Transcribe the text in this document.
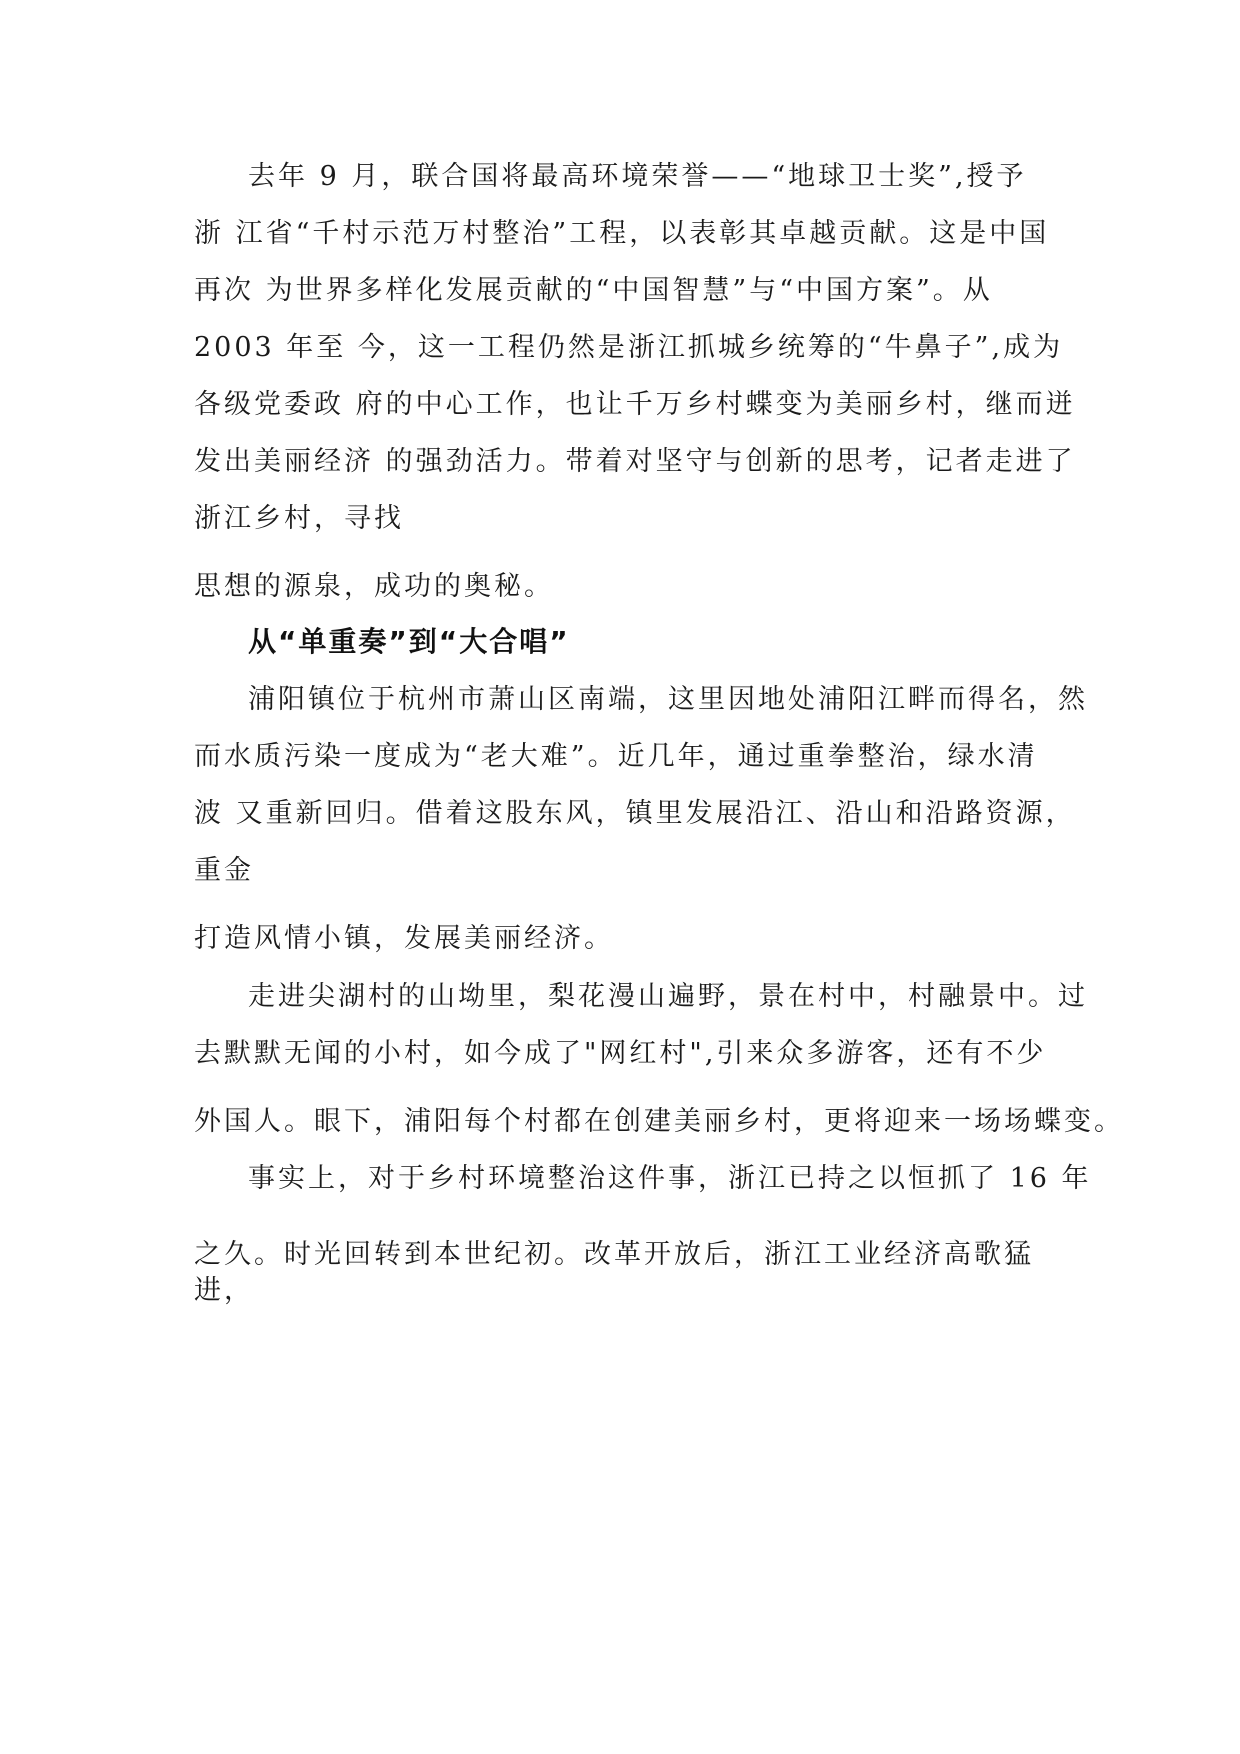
去年 9 月，联合国将最高环境荣誉——“地球卫士奖”,授予

浙 江省“千村示范万村整治”工程，以表彰其卓越贡献。这是中国

再次 为世界多样化发展贡献的“中国智慧”与“中国方案”。从

2003 年至 今，这一工程仍然是浙江抓城乡统筹的“牛鼻子”,成为

各级党委政 府的中心工作，也让千万乡村蝶变为美丽乡村，继而迸

发出美丽经济 的强劲活力。带着对坚守与创新的思考，记者走进了

浙江乡村，寻找

思想的源泉，成功的奥秘。

从“单重奏”到“大合唱”

浦阳镇位于杭州市萧山区南端，这里因地处浦阳江畔而得名，然

而水质污染一度成为“老大难”。近几年，通过重拳整治，绿水清

波 又重新回归。借着这股东风，镇里发展沿江、沿山和沿路资源，

重金

打造风情小镇，发展美丽经济。

走进尖湖村的山坳里，梨花漫山遍野，景在村中，村融景中。过

去默默无闻的小村，如今成了"网红村",引来众多游客，还有不少

外国人。眼下，浦阳每个村都在创建美丽乡村，更将迎来一场场蝶变。

事实上，对于乡村环境整治这件事，浙江已持之以恒抓了 16 年

之久。时光回转到本世纪初。改革开放后，浙江工业经济高歌猛

进，
